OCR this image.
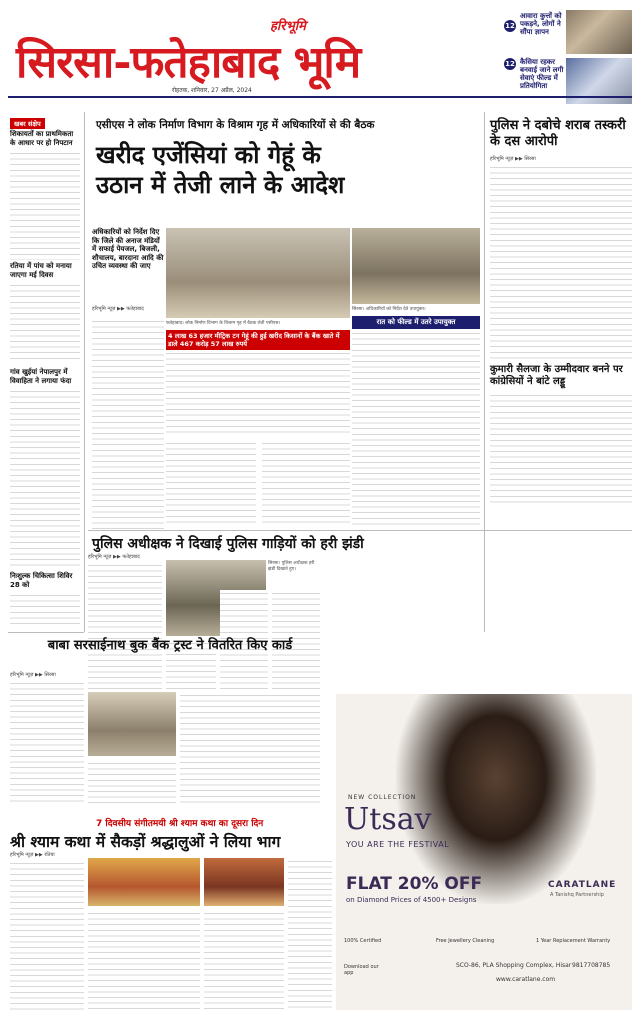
हरिभूमि
सिरसा-फतेहाबाद भूमि
रोहतक, शनिवार, 27 अप्रैल, 2024
12
आवारा कुत्तों को पकड़ने, लोगों ने सौंपा ज्ञापन
12 कैसिया रहकर बनवाई जाने लगी सेवाएं फील्ड में प्रतियोगिता
खबर संक्षेप
शिकायतों का प्राथमिकता के आधार पर हो निपटान
रतिया में पांच को मनाया जाएगा मई दिवस
गांव खुईयां नेपालपुर में विवाहिता ने लगाया फंदा
निःशुल्क चिकित्सा शिविर 28 को
एसीएस ने लोक निर्माण विभाग के विश्राम गृह में अधिकारियों से की बैठक
खरीद एजेंसियां को गेहूं के
उठान में तेजी लाने के आदेश
अधिकारियों को निर्देश दिए कि जिले की अनाज मंडियों में सफाई पेयजल, बिजली, शौचालय, बारदाना आदि की उचित व्यवस्था की जाए
हरिभूमि न्यूज़ ▶▶ फतेहाबाद
फतेहाबाद। लोक निर्माण विभाग के विश्राम गृह में बैठक लेती एसीएस।
4 लाख 63 हजार मीट्रिक टन गेहूं की हुई खरीद किसानों के बैंक खाते में डाले 467 करोड़ 57 लाख रुपये
सिरसा। अधिकारियों को निर्देश देते उपायुक्त।
रात को फील्ड में उतरे उपायुक्त
पुलिस ने दबोचे शराब तस्करी के दस आरोपी
हरिभूमि न्यूज़ ▶▶ सिरसा
कुमारी सैलजा के उम्मीदवार बनने पर कांग्रेसियों ने बांटे लड्डू
पुलिस अधीक्षक ने दिखाई पुलिस गाड़ियों को हरी झंडी
हरिभूमि न्यूज़ ▶▶ फतेहाबाद
सिरसा। पुलिस अधीक्षक हरी झंडी दिखाते हुए।
बाबा सरसाईनाथ बुक बैंक ट्रस्ट ने वितरित किए कार्ड
हरिभूमि न्यूज़ ▶▶ सिरसा
7 दिवसीय संगीतमयी श्री श्याम कथा का दूसरा दिन
श्री श्याम कथा में सैकड़ों श्रद्धालुओं ने लिया भाग
हरिभूमि न्यूज़ ▶▶ रतिया
NEW COLLECTION
Utsav
YOU ARE THE FESTIVAL
FLAT 20% OFF
on Diamond Prices of 4500+ Designs
CARATLANE
A Tanishq Partnership
100% Certified	Free Jewellery Cleaning	1 Year Replacement Warranty
Download our app
SCO-86, PLA Shopping Complex, Hisar 9817708785
www.caratlane.com
